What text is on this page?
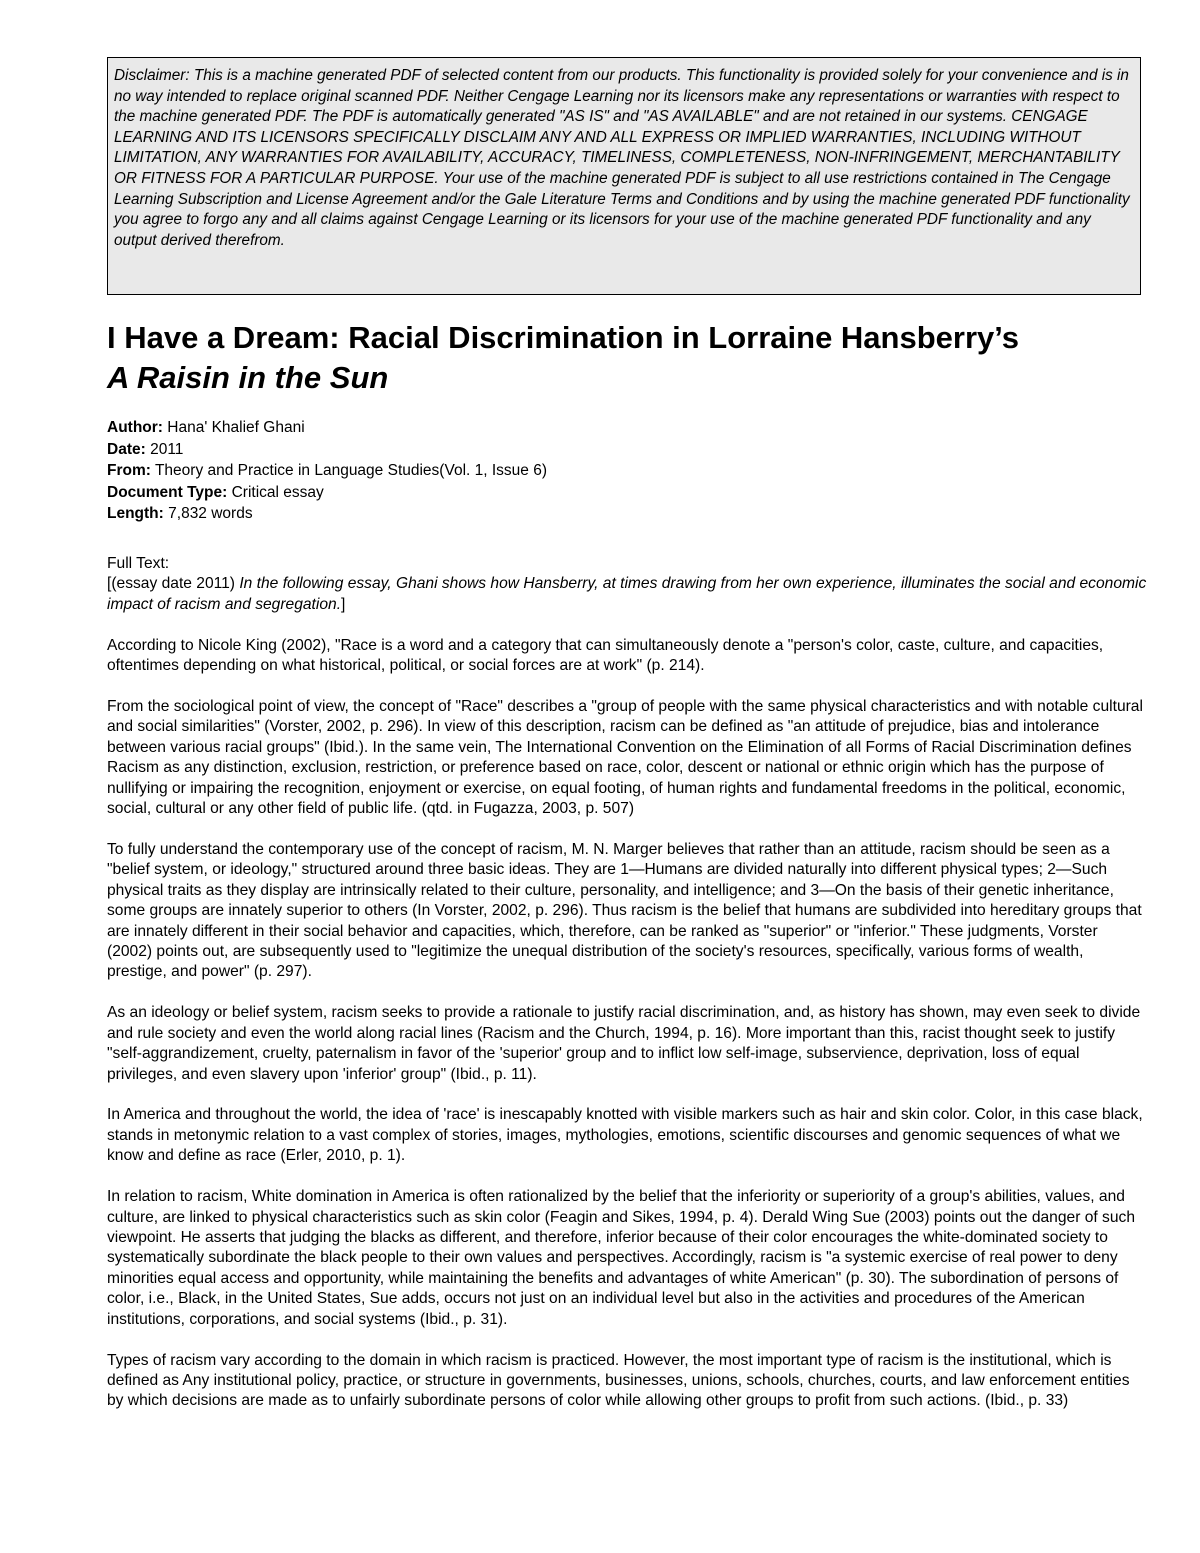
Disclaimer: This is a machine generated PDF of selected content from our products. This functionality is provided solely for your convenience and is in no way intended to replace original scanned PDF. Neither Cengage Learning nor its licensors make any representations or warranties with respect to the machine generated PDF. The PDF is automatically generated "AS IS" and "AS AVAILABLE" and are not retained in our systems. CENGAGE LEARNING AND ITS LICENSORS SPECIFICALLY DISCLAIM ANY AND ALL EXPRESS OR IMPLIED WARRANTIES, INCLUDING WITHOUT LIMITATION, ANY WARRANTIES FOR AVAILABILITY, ACCURACY, TIMELINESS, COMPLETENESS, NON-INFRINGEMENT, MERCHANTABILITY OR FITNESS FOR A PARTICULAR PURPOSE. Your use of the machine generated PDF is subject to all use restrictions contained in The Cengage Learning Subscription and License Agreement and/or the Gale Literature Terms and Conditions and by using the machine generated PDF functionality you agree to forgo any and all claims against Cengage Learning or its licensors for your use of the machine generated PDF functionality and any output derived therefrom.

I Have a Dream: Racial Discrimination in Lorraine Hansberry’s
A Raisin in the Sun
Author: Hana' Khalief Ghani
Date: 2011
From: Theory and Practice in Language Studies(Vol. 1, Issue 6)
Document Type: Critical essay
Length: 7,832 words

Full Text:

[(essay date 2011) In the following essay, Ghani shows how Hansberry, at times drawing from her own experience, illuminates the social and economic impact of racism and segregation.]

According to Nicole King (2002), "Race is a word and a category that can simultaneously denote a "person's color, caste, culture, and capacities, oftentimes depending on what historical, political, or social forces are at work" (p. 214).

From the sociological point of view, the concept of "Race" describes a "group of people with the same physical characteristics and with notable cultural and social similarities" (Vorster, 2002, p. 296). In view of this description, racism can be defined as "an attitude of prejudice, bias and intolerance between various racial groups" (Ibid.). In the same vein, The International Convention on the Elimination of all Forms of Racial Discrimination defines Racism as any distinction, exclusion, restriction, or preference based on race, color, descent or national or ethnic origin which has the purpose of nullifying or impairing the recognition, enjoyment or exercise, on equal footing, of human rights and fundamental freedoms in the political, economic, social, cultural or any other field of public life. (qtd. in Fugazza, 2003, p. 507)

To fully understand the contemporary use of the concept of racism, M. N. Marger believes that rather than an attitude, racism should be seen as a "belief system, or ideology," structured around three basic ideas. They are 1—Humans are divided naturally into different physical types; 2—Such physical traits as they display are intrinsically related to their culture, personality, and intelligence; and 3—On the basis of their genetic inheritance, some groups are innately superior to others (In Vorster, 2002, p. 296). Thus racism is the belief that humans are subdivided into hereditary groups that are innately different in their social behavior and capacities, which, therefore, can be ranked as "superior" or "inferior." These judgments, Vorster (2002) points out, are subsequently used to "legitimize the unequal distribution of the society's resources, specifically, various forms of wealth, prestige, and power" (p. 297).

As an ideology or belief system, racism seeks to provide a rationale to justify racial discrimination, and, as history has shown, may even seek to divide and rule society and even the world along racial lines (Racism and the Church, 1994, p. 16). More important than this, racist thought seek to justify "self-aggrandizement, cruelty, paternalism in favor of the 'superior' group and to inflict low self-image, subservience, deprivation, loss of equal privileges, and even slavery upon 'inferior' group" (Ibid., p. 11).

In America and throughout the world, the idea of 'race' is inescapably knotted with visible markers such as hair and skin color. Color, in this case black, stands in metonymic relation to a vast complex of stories, images, mythologies, emotions, scientific discourses and genomic sequences of what we know and define as race (Erler, 2010, p. 1).

In relation to racism, White domination in America is often rationalized by the belief that the inferiority or superiority of a group's abilities, values, and culture, are linked to physical characteristics such as skin color (Feagin and Sikes, 1994, p. 4). Derald Wing Sue (2003) points out the danger of such viewpoint. He asserts that judging the blacks as different, and therefore, inferior because of their color encourages the white-dominated society to systematically subordinate the black people to their own values and perspectives. Accordingly, racism is "a systemic exercise of real power to deny minorities equal access and opportunity, while maintaining the benefits and advantages of white American" (p. 30). The subordination of persons of color, i.e., Black, in the United States, Sue adds, occurs not just on an individual level but also in the activities and procedures of the American institutions, corporations, and social systems (Ibid., p. 31).

Types of racism vary according to the domain in which racism is practiced. However, the most important type of racism is the institutional, which is defined as Any institutional policy, practice, or structure in governments, businesses, unions, schools, churches, courts, and law enforcement entities by which decisions are made as to unfairly subordinate persons of color while allowing other groups to profit from such actions. (Ibid., p. 33)
